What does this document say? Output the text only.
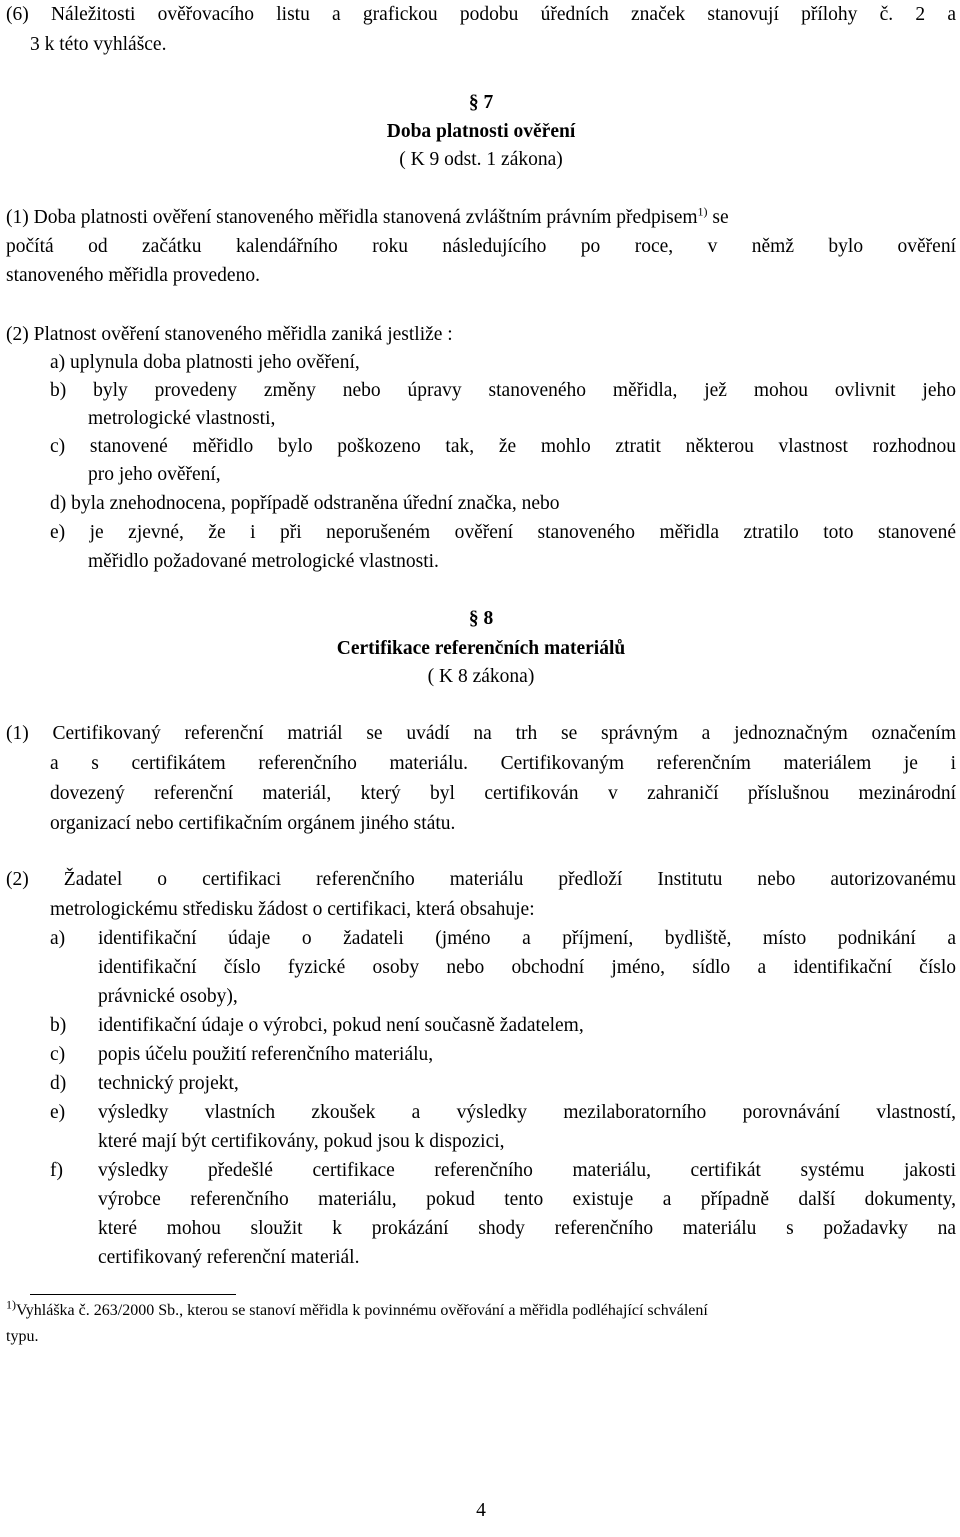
(6) Náležitosti ověřovacího listu a grafickou podobu úředních značek stanovují přílohy č. 2 a
3 k této vyhlášce.
§ 7
Doba platnosti ověření
( K 9 odst. 1 zákona)
(1) Doba platnosti ověření stanoveného měřidla stanovená zvláštním právním předpisem$^{1)}$ se
počítá od začátku kalendářního roku následujícího po roce, v němž bylo ověření
stanoveného měřidla provedeno.
(2) Platnost ověření stanoveného měřidla zaniká jestliže :
a) uplynula doba platnosti jeho ověření,
b) byly provedeny změny nebo úpravy stanoveného měřidla, jež mohou ovlivnit jeho
metrologické vlastnosti,
c) stanovené měřidlo bylo poškozeno tak, že mohlo ztratit některou vlastnost rozhodnou
pro jeho ověření,
d) byla znehodnocena, popřípadě odstraněna úřední značka, nebo
e) je zjevné, že i při neporušeném ověření stanoveného měřidla ztratilo toto stanovené
měřidlo požadované metrologické vlastnosti.
§ 8
Certifikace referenčních materiálů
( K 8 zákona)
(1) Certifikovaný referenční matriál se uvádí na trh se správným a jednoznačným označením
a s certifikátem referenčního materiálu. Certifikovaným referenčním materiálem je i
dovezený referenční materiál, který byl certifikován v zahraničí příslušnou mezinárodní
organizací nebo certifikačním orgánem jiného státu.
(2) Žadatel o certifikaci referenčního materiálu předloží Institutu nebo autorizovanému
metrologickému středisku žádost o certifikaci, která obsahuje:
a) identifikační údaje o žadateli (jméno a příjmení, bydliště, místo podnikání a
identifikační číslo fyzické osoby nebo obchodní jméno, sídlo a identifikační číslo
právnické osoby),
b) identifikační údaje o výrobci, pokud není současně žadatelem,
c) popis účelu použití referenčního materiálu,
d) technický projekt,
e) výsledky vlastních zkoušek a výsledky mezilaboratorního porovnávání vlastností,
které mají být certifikovány, pokud jsou k dispozici,
f) výsledky předešlé certifikace referenčního materiálu, certifikát systému jakosti
výrobce referenčního materiálu, pokud tento existuje a případně další dokumenty,
které mohou sloužit k prokázání shody referenčního materiálu s požadavky na
certifikovaný referenční materiál.
$^{1)}$Vyhláška č. 263/2000 Sb., kterou se stanoví měřidla k povinnému ověřování a měřidla podléhající schválení
typu.
4
